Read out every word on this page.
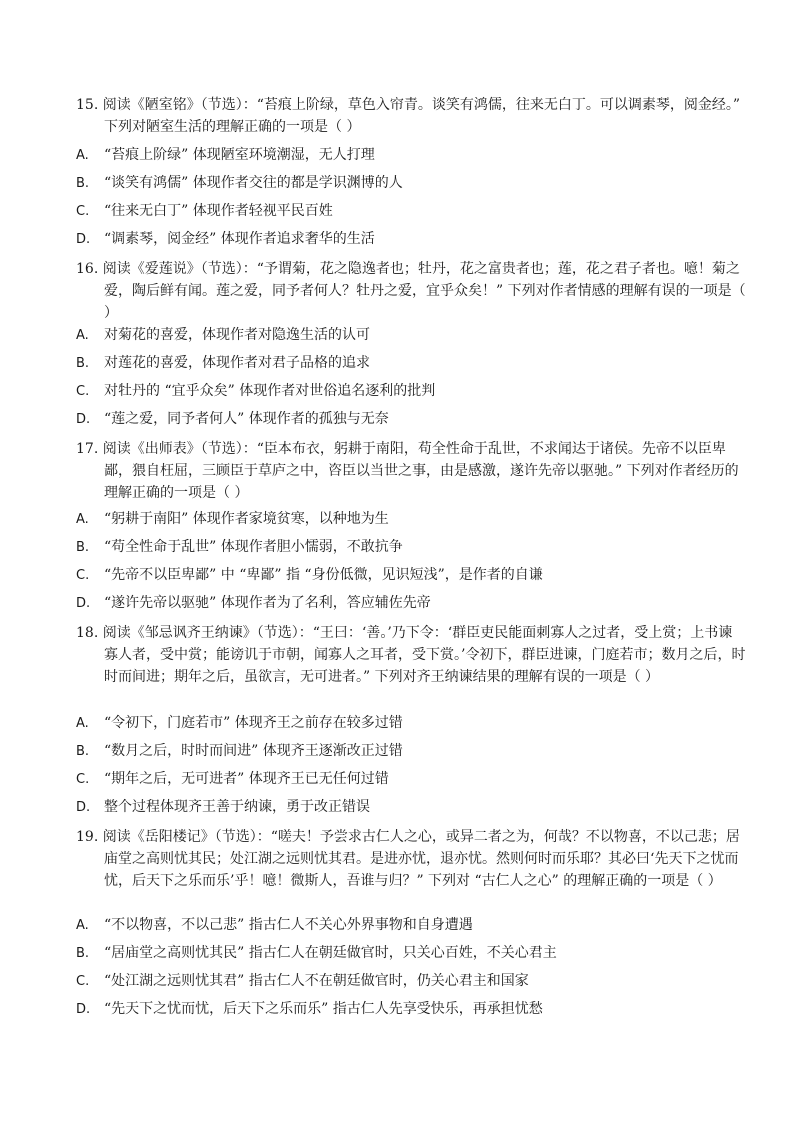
15. 阅读《陋室铭》（节选）：“苔痕上阶绿，草色入帘青。谈笑有鸿儒，往来无白丁。可以调素琴，阅金经。” 下列对陋室生活的理解正确的一项是（ ）
A. “苔痕上阶绿” 体现陋室环境潮湿，无人打理
B. “谈笑有鸿儒” 体现作者交往的都是学识渊博的人
C. “往来无白丁” 体现作者轻视平民百姓
D. “调素琴，阅金经” 体现作者追求奢华的生活
16. 阅读《爱莲说》（节选）：“予谓菊，花之隐逸者也；牡丹，花之富贵者也；莲，花之君子者也。噫！菊之爱，陶后鲜有闻。莲之爱，同予者何人？牡丹之爱，宜乎众矣！” 下列对作者情感的理解有误的一项是（ ）
A. 对菊花的喜爱，体现作者对隐逸生活的认可
B. 对莲花的喜爱，体现作者对君子品格的追求
C. 对牡丹的 “宜乎众矣” 体现作者对世俗追名逐利的批判
D. “莲之爱，同予者何人” 体现作者的孤独与无奈
17. 阅读《出师表》（节选）：“臣本布衣，躬耕于南阳，苟全性命于乱世，不求闻达于诸侯。先帝不以臣卑鄙，猥自枉屈，三顾臣于草庐之中，咨臣以当世之事，由是感激，遂许先帝以驱驰。” 下列对作者经历的理解正确的一项是（ ）
A. “躬耕于南阳” 体现作者家境贫寒，以种地为生
B. “苟全性命于乱世” 体现作者胆小懦弱，不敢抗争
C. “先帝不以臣卑鄙” 中 “卑鄙” 指 “身份低微，见识短浅”，是作者的自谦
D. “遂许先帝以驱驰” 体现作者为了名利，答应辅佐先帝
18. 阅读《邹忌讽齐王纳谏》（节选）：“王曰：‘善。’乃下令：‘群臣吏民能面刺寡人之过者，受上赏；上书谏寡人者，受中赏；能谤讥于市朝，闻寡人之耳者，受下赏。’令初下，群臣进谏，门庭若市；数月之后，时时而间进；期年之后，虽欲言，无可进者。” 下列对齐王纳谏结果的理解有误的一项是（ ）
A. “令初下，门庭若市” 体现齐王之前存在较多过错
B. “数月之后，时时而间进” 体现齐王逐渐改正过错
C. “期年之后，无可进者” 体现齐王已无任何过错
D. 整个过程体现齐王善于纳谏，勇于改正错误
19. 阅读《岳阳楼记》（节选）：“嗟夫！予尝求古仁人之心，或异二者之为，何哉？不以物喜，不以己悲；居庙堂之高则忧其民；处江湖之远则忧其君。是进亦忧，退亦忧。然则何时而乐耶？其必曰‘先天下之忧而忧，后天下之乐而乐’乎！噫！微斯人，吾谁与归？” 下列对 “古仁人之心” 的理解正确的一项是（ ）
A. “不以物喜，不以己悲” 指古仁人不关心外界事物和自身遭遇
B. “居庙堂之高则忧其民” 指古仁人在朝廷做官时，只关心百姓，不关心君主
C. “处江湖之远则忧其君” 指古仁人不在朝廷做官时，仍关心君主和国家
D. “先天下之忧而忧，后天下之乐而乐” 指古仁人先享受快乐，再承担忧愁
